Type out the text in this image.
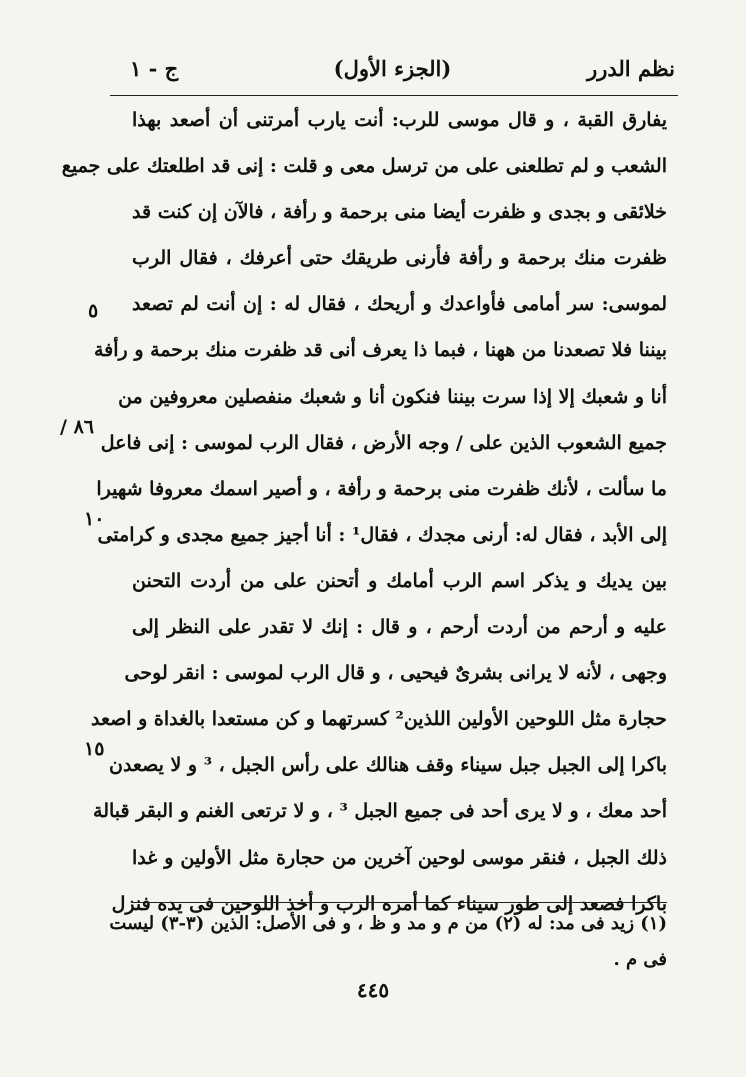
نظم الدرر
(الجزء الأول)
ج - ١
يفارق القبة ، و قال موسى للرب: أنت يارب أمرتنى أن أصعد بهذا
الشعب و لم تطلعنى على من ترسل معى و قلت : إنى قد اطلعتك على جميع
خلائقى و بجدى و ظفرت أيضا منى برحمة و رأفة ، فالآن إن كنت قد
ظفرت منك برحمة و رأفة فأرنى طريقك حتى أعرفك ، فقال الرب
لموسى: سر أمامى فأواعدك و أريحك ، فقال له : إن أنت لم تصعد
بيننا فلا تصعدنا من ههنا ، فبما ذا يعرف أنى قد ظفرت منك برحمة و رأفة
أنا و شعبك إلا إذا سرت بيننا فنكون أنا و شعبك منفصلين معروفين من
جميع الشعوب الذين على / وجه الأرض ، فقال الرب لموسى : إنى فاعل
ما سألت ، لأنك ظفرت منى برحمة و رأفة ، و أصير اسمك معروفا شهيرا
إلى الأبد ، فقال له: أرنى مجدك ، فقال¹ : أنا أجيز جميع مجدى و كرامتى
بين يديك و يذكر اسم الرب أمامك و أتحنن على من أردت التحنن
عليه و أرحم من أردت أرحم ، و قال : إنك لا تقدر على النظر إلى
وجهى ، لأنه لا يرانى بشرىٌ فيحيى ، و قال الرب لموسى : انقر لوحى
حجارة مثل اللوحين الأولين اللذين² كسرتهما و كن مستعدا بالغداة و اصعد
باكرا إلى الجبل جبل سيناء وقف هنالك على رأس الجبل ، ³ و لا يصعدن
أحد معك ، و لا يرى أحد فى جميع الجبل ³ ، و لا ترتعى الغنم و البقر قبالة
ذلك الجبل ، فنقر موسى لوحين آخرين من حجارة مثل الأولين و غدا
باكرا فصعد إلى طور سيناء كما أمره الرب و أخذ اللوحين فى يده فنزل
٥
٨٦ /
١٠
١٥
(١) زيد فى مد: له (٢) من م و مد و ظ ، و فى الأصل: الذين (٣-٣) ليست
فى م .
٤٤٥
